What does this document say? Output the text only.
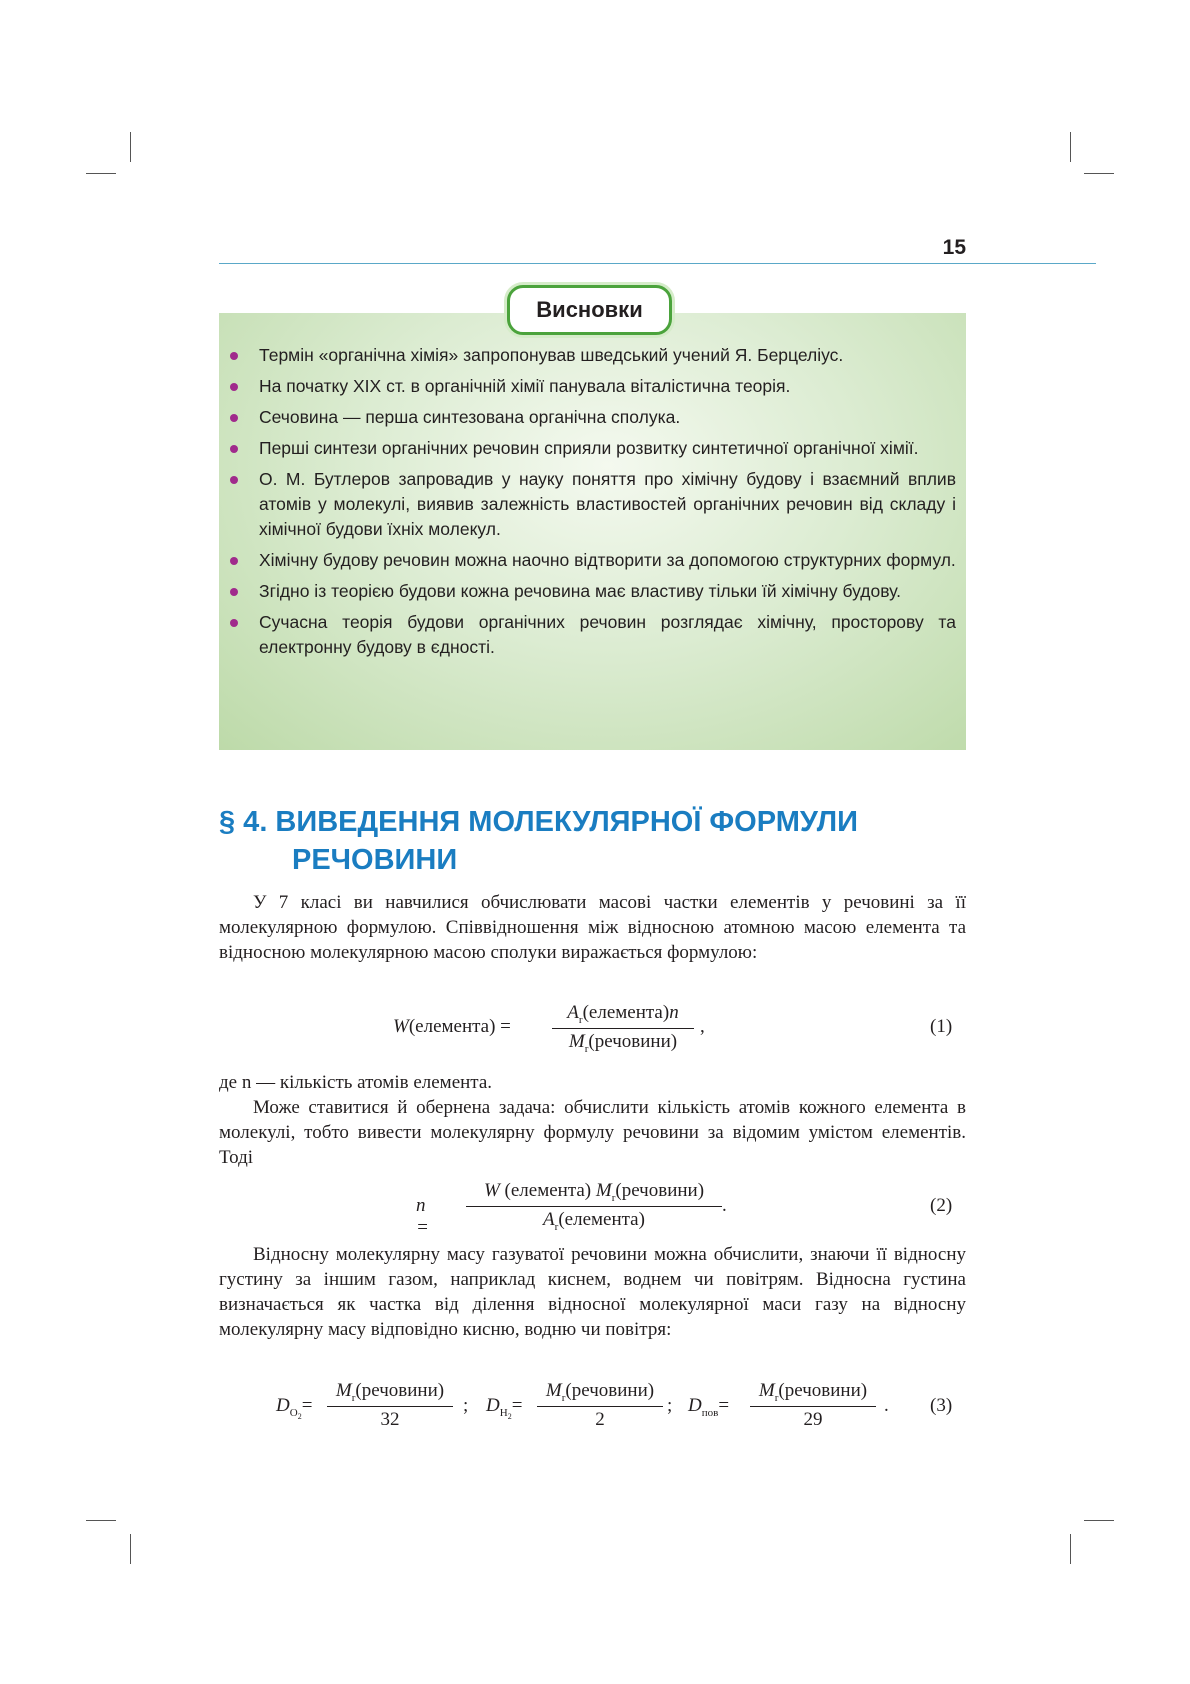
15
Термін «органічна хімія» запропонував шведський учений Я. Берцеліус.
На початку XIX ст. в органічній хімії панувала віталістична теорія.
Сечовина — перша синтезована органічна сполука.
Перші синтези органічних речовин сприяли розвитку синтетичної органічної хімії.
О. М. Бутлеров запровадив у науку поняття про хімічну будову і взаємний вплив атомів у молекулі, виявив залежність властивостей органічних речовин від складу і хімічної будови їхніх молекул.
Хімічну будову речовин можна наочно відтворити за допомогою структурних формул.
Згідно із теорією будови кожна речовина має властиву тільки їй хімічну будову.
Сучасна теорія будови органічних речовин розглядає хімічну, просторову та електронну будову в єдності.
Висновки
§ 4. ВИВЕДЕННЯ МОЛЕКУЛЯРНОЇ ФОРМУЛИ
РЕЧОВИНИ

У 7 класі ви навчилися обчислювати масові частки елементів у речовині за її молекулярною формулою. Співвідношення між відносною атомною масою елемента та відносною молекулярною масою сполуки виражається формулою:

W(елемента) =
$A_r(елемента)n$
$M_r(речовини)$
,	(1)

де n — кількість атомів елемента.

Може ставитися й обернена задача: обчислити кількість атомів кожного елемента в молекулі, тобто вивести молекулярну формулу речовини за відомим умістом елементів. Тоді

n =
W (елемента) $M_r(речовини)$
$A_r(елемента)$
.	(2)

Відносну молекулярну масу газуватої речовини можна обчислити, знаючи її відносну густину за іншим газом, наприклад киснем, воднем чи повітрям. Відносна густина визначається як частка від ділення відносної молекулярної маси газу на відносну молекулярну масу відповідно кисню, водню чи повітря:

$D_{O_2}=$
$M_r(речовини)$
32
; $D_{H_2}=$
$M_r(речовини)$
2
; $D_{пов}=$
$M_r(речовини)$
29
. (3)
